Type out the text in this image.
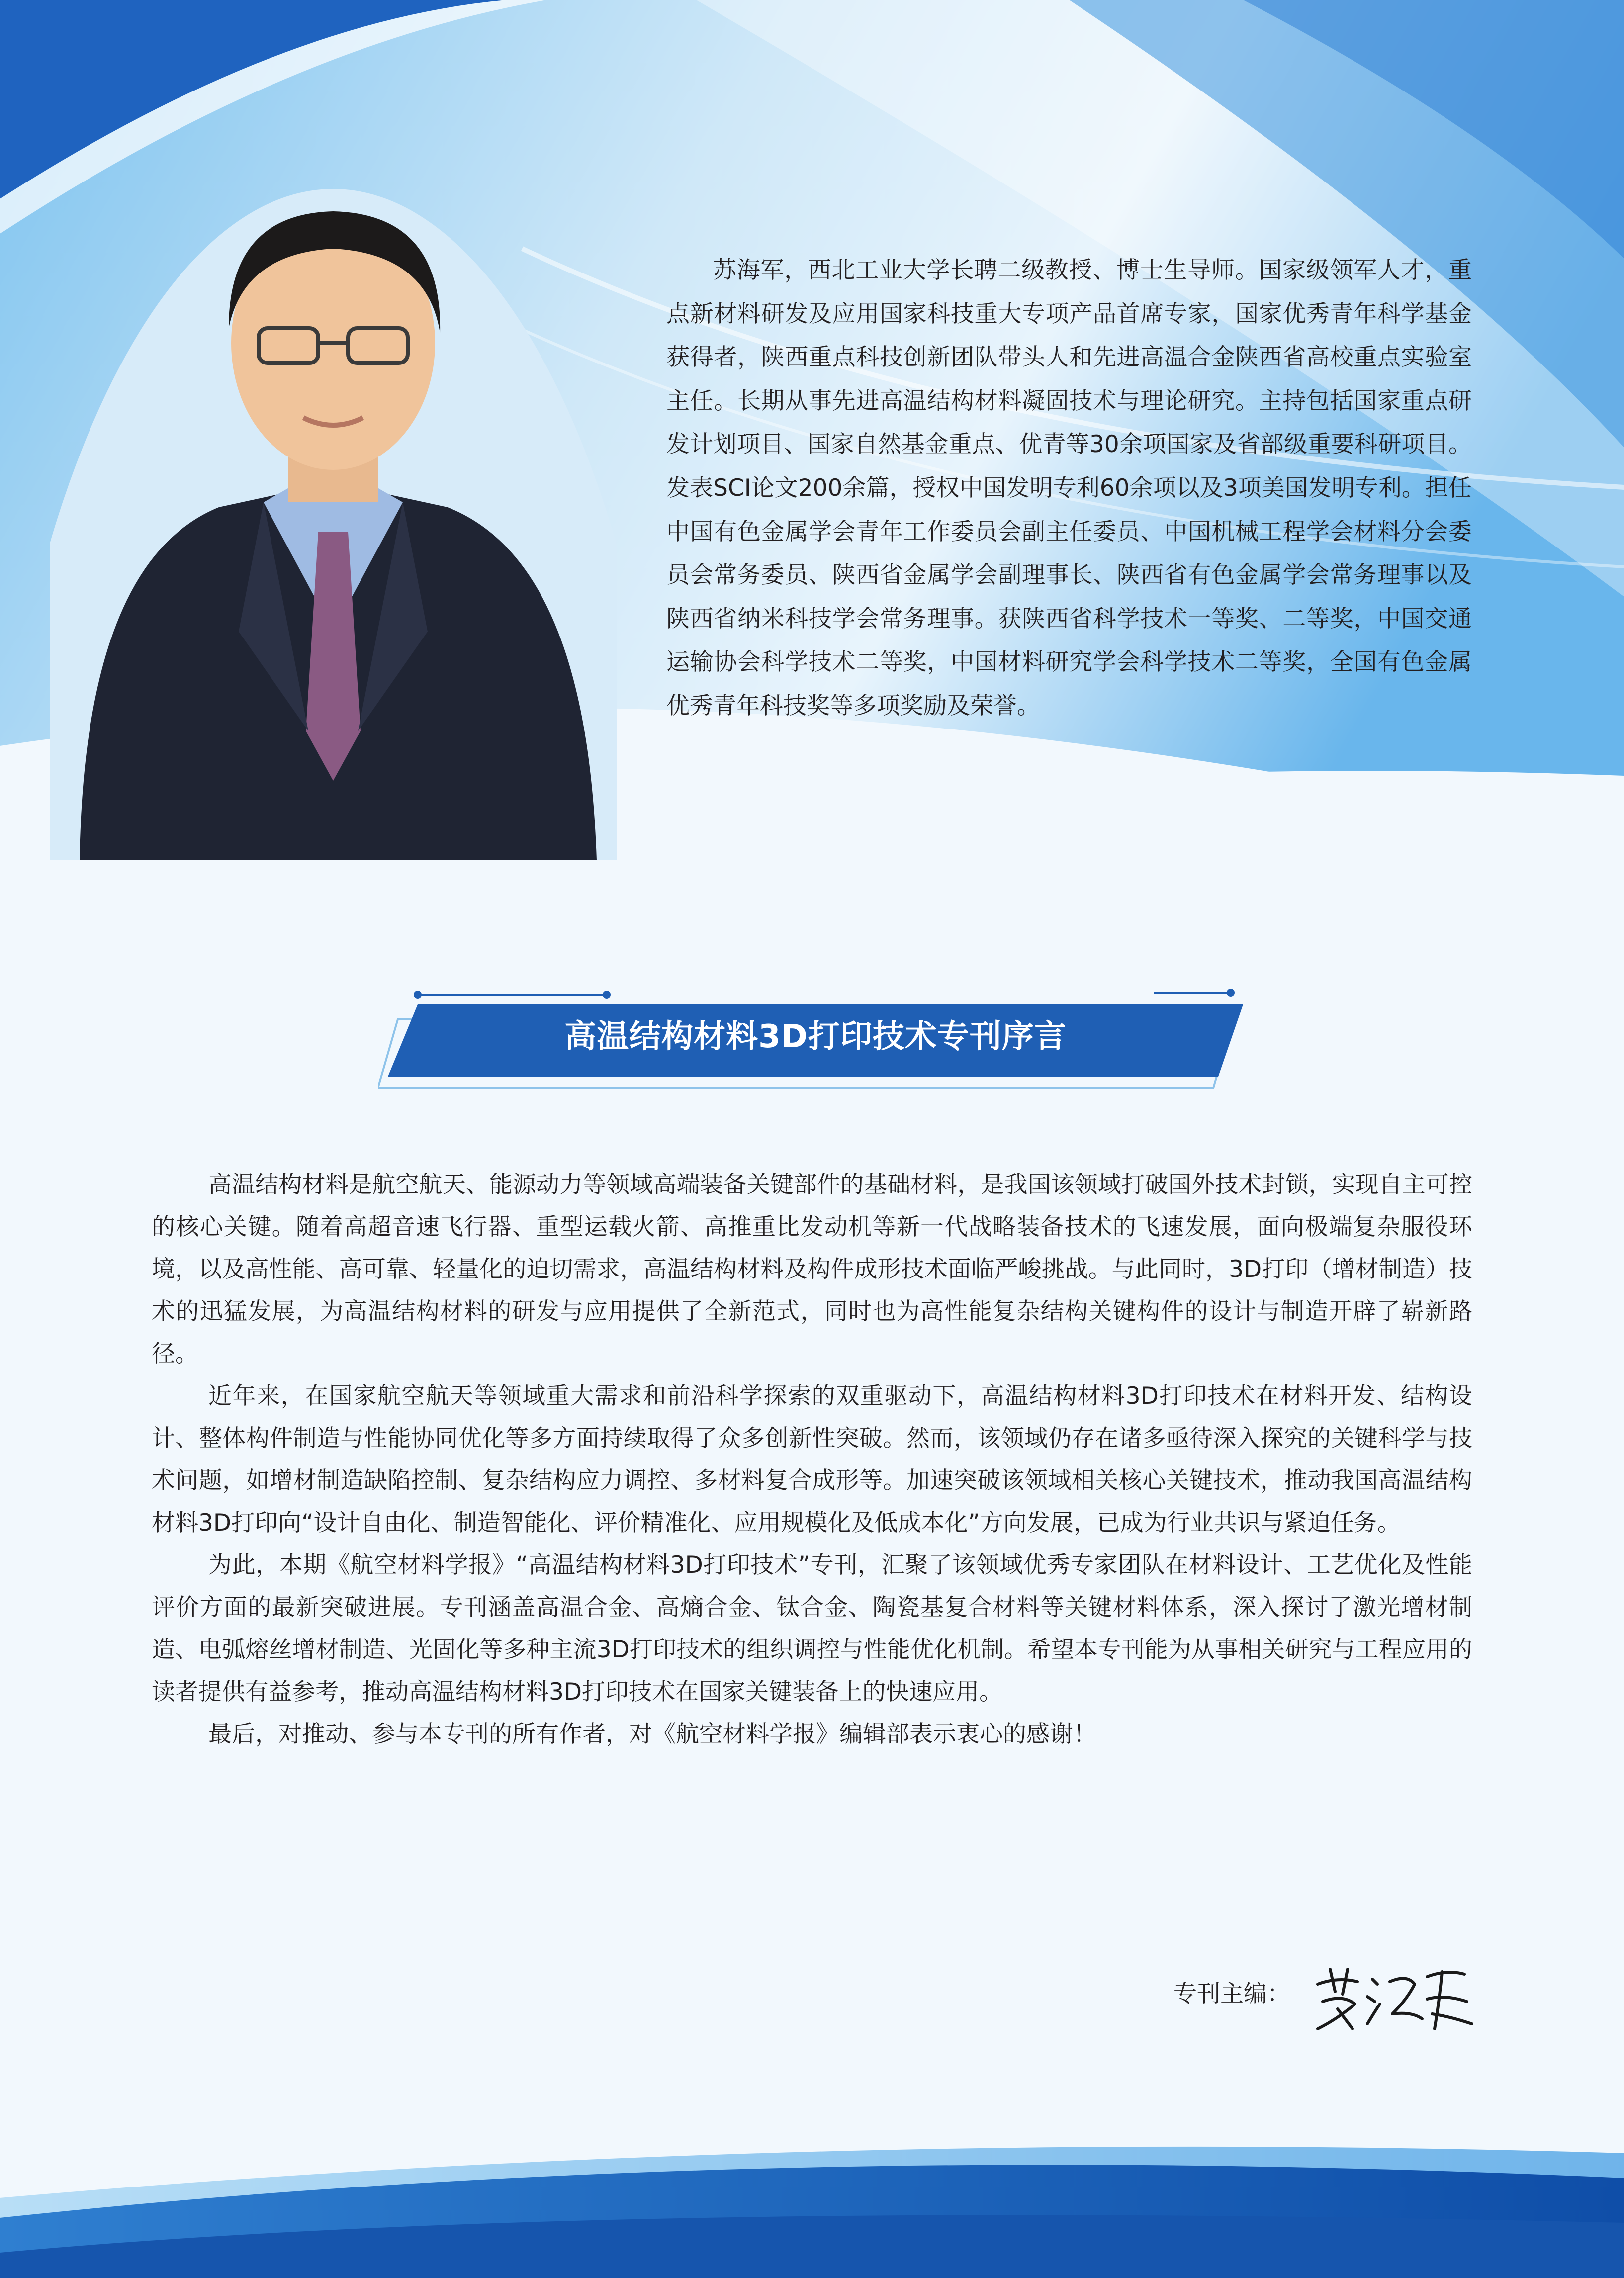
苏海军，西北工业大学长聘二级教授、博士生导师。国家级领军人才，重点新材料研发及应用国家科技重大专项产品首席专家，国家优秀青年科学基金获得者，陕西重点科技创新团队带头人和先进高温合金陕西省高校重点实验室主任。长期从事先进高温结构材料凝固技术与理论研究。主持包括国家重点研发计划项目、国家自然基金重点、优青等30余项国家及省部级重要科研项目。发表SCI论文200余篇，授权中国发明专利60余项以及3项美国发明专利。担任中国有色金属学会青年工作委员会副主任委员、中国机械工程学会材料分会委员会常务委员、陕西省金属学会副理事长、陕西省有色金属学会常务理事以及陕西省纳米科技学会常务理事。获陕西省科学技术一等奖、二等奖，中国交通运输协会科学技术二等奖，中国材料研究学会科学技术二等奖，全国有色金属优秀青年科技奖等多项奖励及荣誉。

高温结构材料3D打印技术专刊序言

高温结构材料是航空航天、能源动力等领域高端装备关键部件的基础材料，是我国该领域打破国外技术封锁，实现自主可控的核心关键。随着高超音速飞行器、重型运载火箭、高推重比发动机等新一代战略装备技术的飞速发展，面向极端复杂服役环境，以及高性能、高可靠、轻量化的迫切需求，高温结构材料及构件成形技术面临严峻挑战。与此同时，3D打印（增材制造）技术的迅猛发展，为高温结构材料的研发与应用提供了全新范式，同时也为高性能复杂结构关键构件的设计与制造开辟了崭新路径。

近年来，在国家航空航天等领域重大需求和前沿科学探索的双重驱动下，高温结构材料3D打印技术在材料开发、结构设计、整体构件制造与性能协同优化等多方面持续取得了众多创新性突破。然而，该领域仍存在诸多亟待深入探究的关键科学与技术问题，如增材制造缺陷控制、复杂结构应力调控、多材料复合成形等。加速突破该领域相关核心关键技术，推动我国高温结构材料3D打印向“设计自由化、制造智能化、评价精准化、应用规模化及低成本化”方向发展，已成为行业共识与紧迫任务。

为此，本期《航空材料学报》“高温结构材料3D打印技术”专刊，汇聚了该领域优秀专家团队在材料设计、工艺优化及性能评价方面的最新突破进展。专刊涵盖高温合金、高熵合金、钛合金、陶瓷基复合材料等关键材料体系，深入探讨了激光增材制造、电弧熔丝增材制造、光固化等多种主流3D打印技术的组织调控与性能优化机制。希望本专刊能为从事相关研究与工程应用的读者提供有益参考，推动高温结构材料3D打印技术在国家关键装备上的快速应用。

最后，对推动、参与本专刊的所有作者，对《航空材料学报》编辑部表示衷心的感谢！

专刊主编：
